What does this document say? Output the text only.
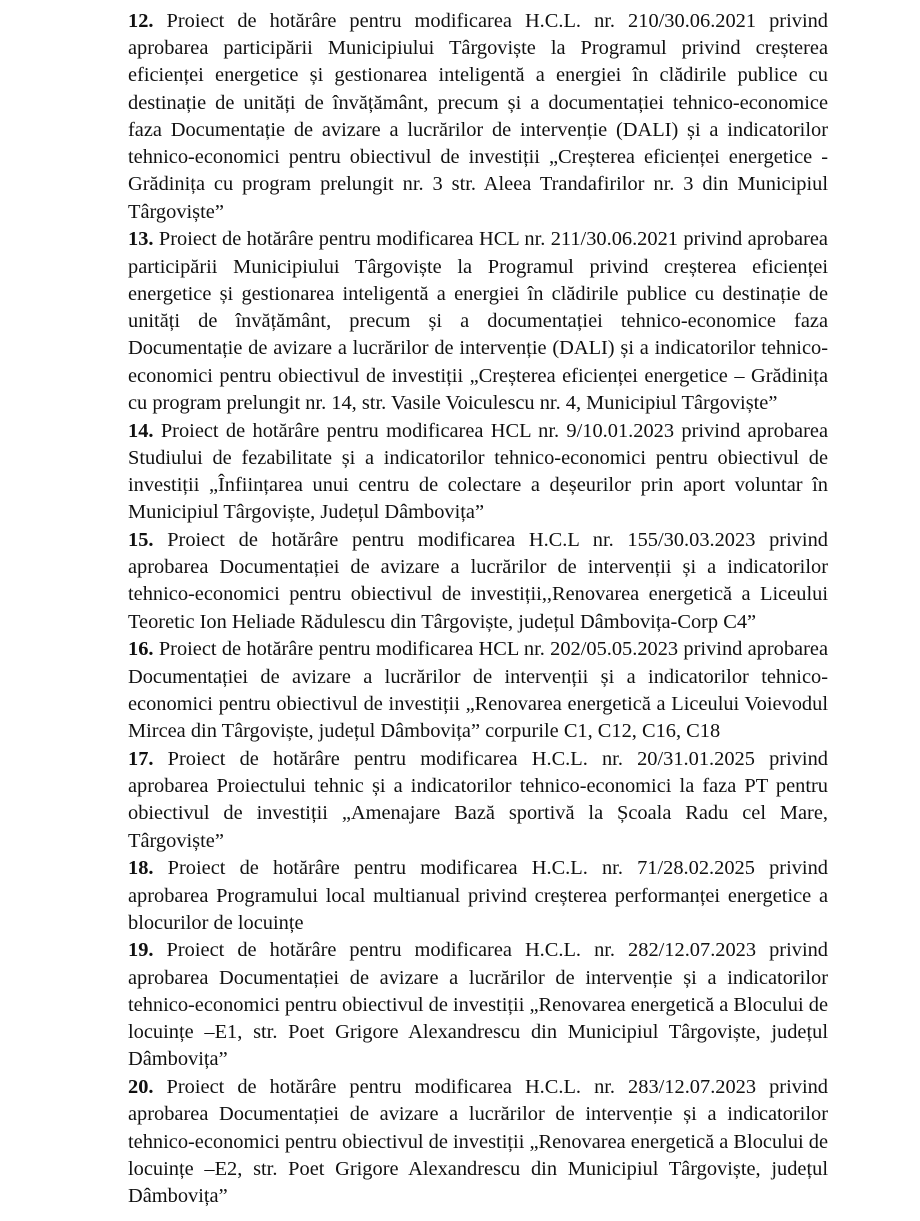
12. Proiect de hotărâre pentru modificarea H.C.L. nr. 210/30.06.2021 privind aprobarea participării Municipiului Târgoviște la Programul privind creșterea eficienței energetice și gestionarea inteligentă a energiei în clădirile publice cu destinație de unități de învățământ, precum și a documentației tehnico-economice faza Documentație de avizare a lucrărilor de intervenție (DALI) și a indicatorilor tehnico-economici pentru obiectivul de investiții „Creșterea eficienței energetice - Grădinița cu program prelungit nr. 3 str. Aleea Trandafirilor nr. 3 din Municipiul Târgoviște”

13. Proiect de hotărâre pentru modificarea HCL nr. 211/30.06.2021 privind aprobarea participării Municipiului Târgoviște la Programul privind creșterea eficienței energetice și gestionarea inteligentă a energiei în clădirile publice cu destinație de unități de învățământ, precum și a documentației tehnico-economice faza Documentație de avizare a lucrărilor de intervenție (DALI) și a indicatorilor tehnico-economici pentru obiectivul de investiții „Creșterea eficienței energetice – Grădinița cu program prelungit nr. 14, str. Vasile Voiculescu nr. 4, Municipiul Târgoviște”

14. Proiect de hotărâre pentru modificarea HCL nr. 9/10.01.2023 privind aprobarea Studiului de fezabilitate și a indicatorilor tehnico-economici pentru obiectivul de investiții „Înființarea unui centru de colectare a deșeurilor prin aport voluntar în Municipiul Târgoviște, Județul Dâmbovița”

15. Proiect de hotărâre pentru modificarea H.C.L nr. 155/30.03.2023 privind aprobarea Documentației de avizare a lucrărilor de intervenții și a indicatorilor tehnico-economici pentru obiectivul de investiții,,Renovarea energetică a Liceului Teoretic Ion Heliade Rădulescu din Târgoviște, județul Dâmbovița-Corp C4”

16. Proiect de hotărâre pentru modificarea HCL nr. 202/05.05.2023 privind aprobarea Documentației de avizare a lucrărilor de intervenții și a indicatorilor tehnico-economici pentru obiectivul de investiții „Renovarea energetică a Liceului Voievodul Mircea din Târgoviște, județul Dâmbovița” corpurile C1, C12, C16, C18

17. Proiect de hotărâre pentru modificarea H.C.L. nr. 20/31.01.2025 privind aprobarea Proiectului tehnic și a indicatorilor tehnico-economici la faza PT pentru obiectivul de investiții „Amenajare Bază sportivă la Școala Radu cel Mare, Târgoviște”

18. Proiect de hotărâre pentru modificarea H.C.L. nr. 71/28.02.2025 privind aprobarea Programului local multianual privind creșterea performanței energetice a blocurilor de locuințe

19. Proiect de hotărâre pentru modificarea H.C.L. nr. 282/12.07.2023 privind aprobarea Documentației de avizare a lucrărilor de intervenție și a indicatorilor tehnico-economici pentru obiectivul de investiții „Renovarea energetică a Blocului de locuințe –E1, str. Poet Grigore Alexandrescu din Municipiul Târgoviște, județul Dâmbovița”

20. Proiect de hotărâre pentru modificarea H.C.L. nr. 283/12.07.2023 privind aprobarea Documentației de avizare a lucrărilor de intervenție și a indicatorilor tehnico-economici pentru obiectivul de investiții „Renovarea energetică a Blocului de locuințe –E2, str. Poet Grigore Alexandrescu din Municipiul Târgoviște, județul Dâmbovița”
